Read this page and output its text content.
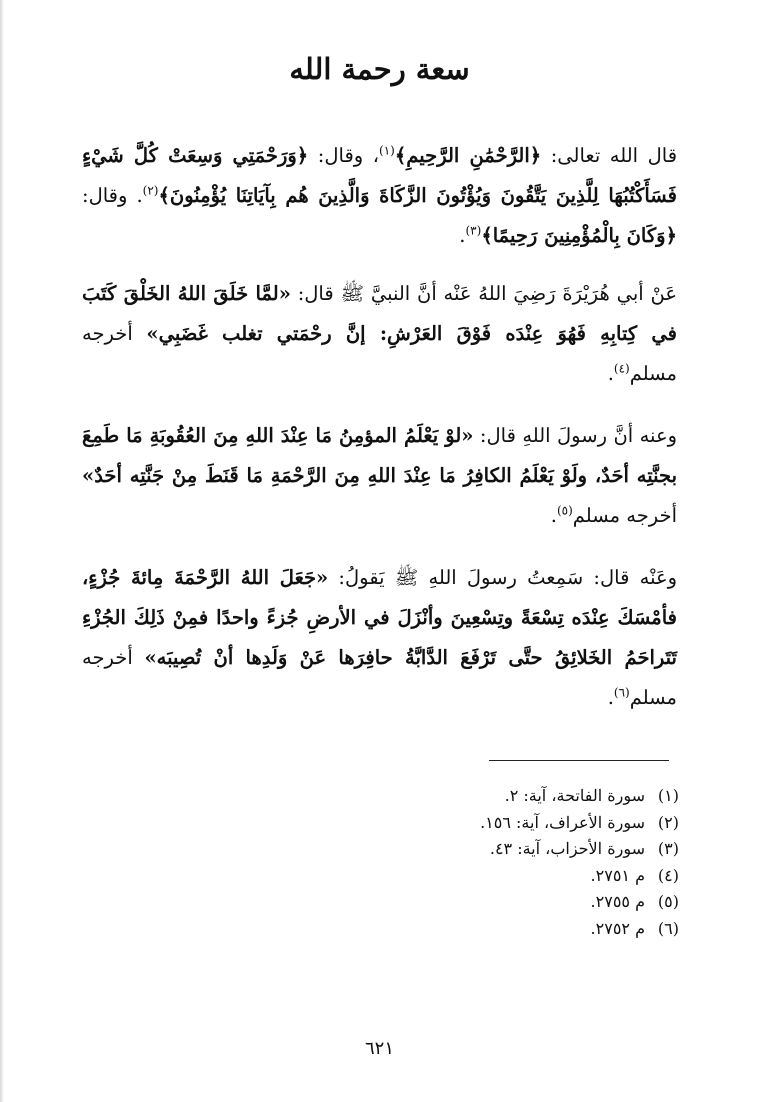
سعة رحمة الله

قال الله تعالى: ﴿الرَّحْمَٰنِ الرَّحِيمِ﴾$^{(١)}$، وقال: ﴿وَرَحْمَتِي وَسِعَتْ كُلَّ شَيْءٍ فَسَأَكْتُبُهَا لِلَّذِينَ يَتَّقُونَ وَيُؤْتُونَ الزَّكَاةَ وَالَّذِينَ هُم بِآيَاتِنَا يُؤْمِنُونَ﴾$^{(٢)}$. وقال: ﴿وَكَانَ بِالْمُؤْمِنِينَ رَحِيمًا﴾$^{(٣)}$.

عَنْ أبي هُرَيْرَةَ رَضِيَ اللهُ عَنْه أنَّ النبيَّ ﷺ قال: «لمَّا خَلَقَ اللهُ الخَلْقَ كَتَبَ في كِتابِهِ فَهُوَ عِنْدَه فَوْقَ العَرْشِ: إنَّ رحْمَتي تغلب غَضَبِي» أخرجه مسلم$^{(٤)}$.

وعنه أنَّ رسولَ اللهِ قال: «لوْ يَعْلَمُ المؤمِنُ مَا عِنْدَ اللهِ مِنَ العُقُوبَةِ مَا طَمِعَ بجنَّتِه أحَدٌ، ولَوْ يَعْلَمُ الكافِرُ مَا عِنْدَ اللهِ مِنَ الرَّحْمَةِ مَا قَنَطَ مِنْ جَنَّتِه أحَدٌ» أخرجه مسلم$^{(٥)}$.

وعَنْه قال: سَمِعتُ رسولَ اللهِ ﷺ يَقولُ: «جَعَلَ اللهُ الرَّحْمَةَ مِائةَ جُزْءٍ، فأمْسَكَ عِنْدَه تِسْعَةً وتِسْعِينَ وأنْزَلَ في الأرضِ جُزءً واحدًا فمِنْ ذَلِكَ الجُزْءِ تَتَراحَمُ الخَلائِقُ حتَّى تَرْفَعَ الدَّابَّةُ حافِرَها عَنْ وَلَدِها أنْ تُصِيبَه» أخرجه مسلم$^{(٦)}$.

(١)سورة الفاتحة، آية: ٢.
(٢)سورة الأعراف، آية: ١٥٦.
(٣)سورة الأحزاب، آية: ٤٣.
(٤)م ٢٧٥١.
(٥)م ٢٧٥٥.
(٦)م ٢٧٥٢.
٦٢١
